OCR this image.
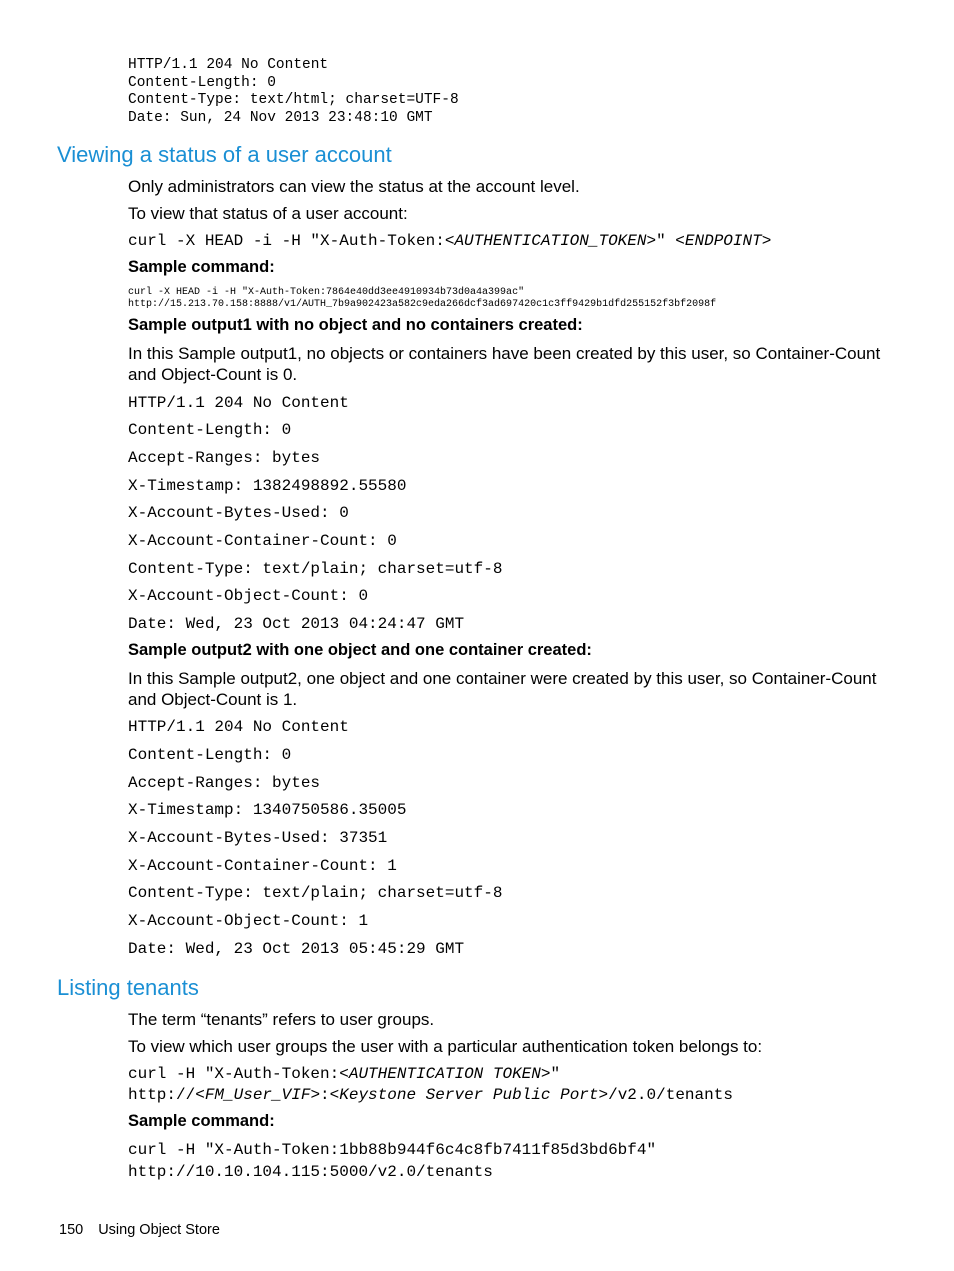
HTTP/1.1 204 No Content
Content-Length: 0
Content-Type: text/html; charset=UTF-8
Date: Sun, 24 Nov 2013 23:48:10 GMT
Viewing a status of a user account
Only administrators can view the status at the account level.
To view that status of a user account:
curl -X HEAD -i -H "X-Auth-Token:<AUTHENTICATION_TOKEN>" <ENDPOINT>
Sample command:
curl -X HEAD -i -H "X-Auth-Token:7864e40dd3ee4910934b73d0a4a399ac"
http://15.213.70.158:8888/v1/AUTH_7b9a902423a582c9eda266dcf3ad697420c1c3ff9429b1dfd255152f3bf2098f
Sample output1 with no object and no containers created:
In this Sample output1, no objects or containers have been created by this user, so Container-Count
and Object-Count is 0.
HTTP/1.1 204 No Content
Content-Length: 0
Accept-Ranges: bytes
X-Timestamp: 1382498892.55580
X-Account-Bytes-Used: 0
X-Account-Container-Count: 0
Content-Type: text/plain; charset=utf-8
X-Account-Object-Count: 0
Date: Wed, 23 Oct 2013 04:24:47 GMT
Sample output2 with one object and one container created:
In this Sample output2, one object and one container were created by this user, so Container-Count
and Object-Count is 1.
HTTP/1.1 204 No Content
Content-Length: 0
Accept-Ranges: bytes
X-Timestamp: 1340750586.35005
X-Account-Bytes-Used: 37351
X-Account-Container-Count: 1
Content-Type: text/plain; charset=utf-8
X-Account-Object-Count: 1
Date: Wed, 23 Oct 2013 05:45:29 GMT
Listing tenants
The term “tenants” refers to user groups.
To view which user groups the user with a particular authentication token belongs to:
curl -H "X-Auth-Token:<AUTHENTICATION TOKEN>"
http://<FM_User_VIF>:<Keystone Server Public Port>/v2.0/tenants
Sample command:
curl -H "X-Auth-Token:1bb88b944f6c4c8fb7411f85d3bd6bf4"
http://10.10.104.115:5000/v2.0/tenants
150 Using Object Store
